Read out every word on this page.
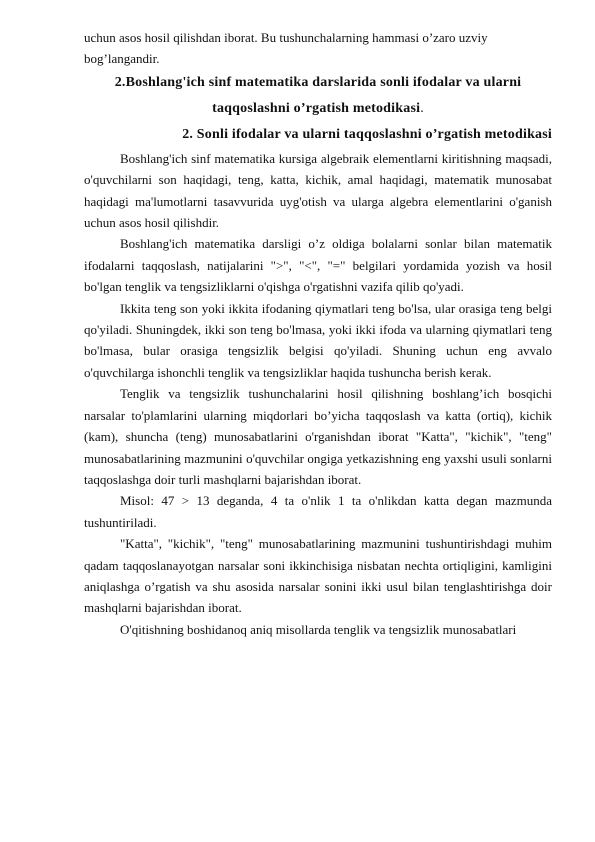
uchun asos hosil qilishdan iborat. Bu tushunchalarning hammasi o’zaro uzviy

bog’langandir.

2.Boshlang'ich sinf matematika darslarida sonli ifodalar va ularni
taqqoslashni o’rgatish metodikasi.
2. Sonli ifodalar va ularni taqqoslashni o’rgatish metodikasi

Boshlang'ich sinf matematika kursiga algebraik elementlarni kiritishning maqsadi, o'quvchilarni son haqidagi, teng, katta, kichik, amal haqidagi, matematik munosabat haqidagi ma'lumotlarni tasavvurida uyg'otish va ularga algebra elementlarini o'ganish uchun asos hosil qilishdir.

Boshlang'ich matematika darsligi o’z oldiga bolalarni sonlar bilan matematik ifodalarni taqqoslash, natijalarini ">", "<", "=" belgilari yordamida yozish va hosil bo'lgan tenglik va tengsizliklarni o'qishga o'rgatishni vazifa qilib qo'yadi.

Ikkita teng son yoki ikkita ifodaning qiymatlari teng bo'lsa, ular orasiga teng belgi qo'yiladi. Shuningdek, ikki son teng bo'lmasa, yoki ikki ifoda va ularning qiymatlari teng bo'lmasa, bular orasiga tengsizlik belgisi qo'yiladi. Shuning uchun eng avvalo o'quvchilarga ishonchli tenglik va tengsizliklar haqida tushuncha berish kerak.

Tenglik va tengsizlik tushunchalarini hosil qilishning boshlang’ich bosqichi narsalar to'plamlarini ularning miqdorlari bo’yicha taqqoslash va katta (ortiq), kichik (kam), shuncha (teng) munosabatlarini o'rganishdan iborat "Katta", "kichik", "teng" munosabatlarining mazmunini o'quvchilar ongiga yetkazishning eng yaxshi usuli sonlarni taqqoslashga doir turli mashqlarni bajarishdan iborat.

Misol: 47 > 13 deganda, 4 ta o'nlik 1 ta o'nlikdan katta degan mazmunda tushuntiriladi.

"Katta", "kichik", "teng" munosabatlarining mazmunini tushuntirishdagi muhim qadam taqqoslanayotgan narsalar soni ikkinchisiga nisbatan nechta ortiqligini, kamligini aniqlashga o’rgatish va shu asosida narsalar sonini ikki usul bilan tenglashtirishga doir mashqlarni bajarishdan iborat.

O'qitishning boshidanoq aniq misollarda tenglik va tengsizlik munosabatlari
